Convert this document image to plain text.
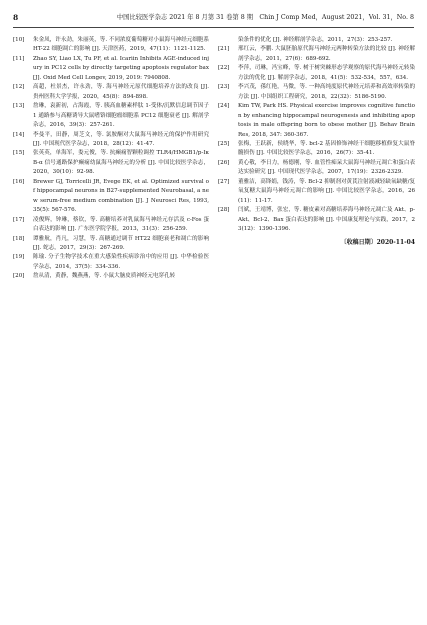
8	中国比较医学杂志 2021 年 8 月第 31 卷第 8 期　Chin J Comp Med，August 2021，Vol. 31，No. 8
[10]	朱金凤，许永劲，朱丽英，等. 不同浓度葡萄糖对小鼠海马神经元细胞系 HT-22 细胞凋亡的影响 [J]. 天津医药，2019，47(11)：1121-1125.
[11]	Zhao SY, Liao LX, Tu PF, et al. Icariin Inhibits AGE-induced injury in PC12 cells by directly targeting apoptosis regulator bax [J]. Oxid Med Cell Longev, 2019, 2019: 7940808.
[12]	高超，杜景杰，许永劲，等. 海马神经元原代细胞培养方法的改良 [J]. 贵州医科大学学报，2020，45(8)：894-898.
[13]	詹琳，袁新初，占海霞，等. 胰高血糖素样肽 1-受体/沉默信息调节因子 1 通路参与高糖诱导大鼠嗜铬细胞瘤细胞系 PC12 细胞衰老 [J]. 解剖学杂志，2016，39(3)：257-261.
[14]	李曼平，田静，周芝文，等. 氯胺酮对大鼠海马神经元的保护作用研究 [J]. 中国现代医学杂志，2018，28(12)：41-47.
[15]	张英英，单海军，娄元俊，等. 抗癫痫智颗粒调控 TLR4/HMGB1/p-IκB-α 信号通路保护癫痫幼鼠海马神经元的分析 [J]. 中国比较医学杂志，2020，30(10)：92-98.
[16]	Brewer GJ, Torricelli JR, Evege EK, et al. Optimized survival of hippocampal neurons in B27-supplemented Neurobasal, a new serum-free medium combination [J]. J Neurosci Res, 1993, 35(5): 567-576.
[17]	凌俊辉，钟琳，蔡钦，等. 高糖培养对乳鼠海马神经元存活及 c-Fos 蛋白表达的影响 [J]. 广东医学院学报，2013，31(3)：256-259.
[18]	谭雅航，肖凡，习慧，等. 高糖通过调节 HT22 细胞衰老和凋亡的影响 [J]. 蛇志，2017，29(3)：267-269.
[19]	陈瑜. 分子生物学技术在重大感染性疾病诊治中的应用 [J]. 中华检验医学杂志，2014，37(5)：334-336.
[20]	詹从清，黄静，魏燕燕，等. 小鼠大脑皮质神经元电穿孔转
染条件的优化 [J]. 神经解剖学杂志，2011，27(3)：253-257.
[21]	邢红云，李鹏. 大鼠胚胎原代海马神经元两种转染方法的比较 [J]. 神经解剖学杂志，2011，27(6)：689-692.
[22]	李萍，司琳，冯宝峰，等. 树于树突棘形态学观察的原代海马神经元转染方法的优化 [J]. 解剖学杂志，2018，41(5)：532-534，557，634.
[23]	李兴茂，孫红艳，马微，等. 一种高纯度原代神经元培养和高效率转染的方法 [J]. 中国组织工程研究，2018，22(32)：5186-5190.
[24]	Kim TW, Park HS. Physical exercise improves cognitive function by enhancing hippocampal neurogenesis and inhibiting apoptosis in male offspring born to obese mother [J]. Behav Brain Res, 2018, 347: 360-367.
[25]	张梅，王跃新，侯晓华，等. bcl-2 基因修饰神经干细胞移植修复大鼠脊髓损伤 [J]. 中国比较医学杂志，2016，26(7)：35-41.
[26]	黄心敬，李日力，杨德刚，等. 血管性痴呆大鼠海马神经元凋亡和蛋白表达实验研究 [J]. 中国现代医学杂志，2007，17(19)：2326-2329.
[27]	董雅洁，高锋娟，钱涛，等. Bcl-2 抑制剂对黄芪注射液减轻缺氧缺糖/复氧复糖大鼠海马神经元凋亡的影响 [J]. 中国比较医学杂志，2016，26(11)：11-17.
[28]	闫斌，王靖博，张宏，等. 糖皮素对高糖培养海马神经元凋亡及 Akt、p-Akt、Bcl-2、Bax 蛋白表达的影响 [J]. 中国康复理论与实践，2017，23(12)：1390-1396.
〔收稿日期〕2020-11-04
